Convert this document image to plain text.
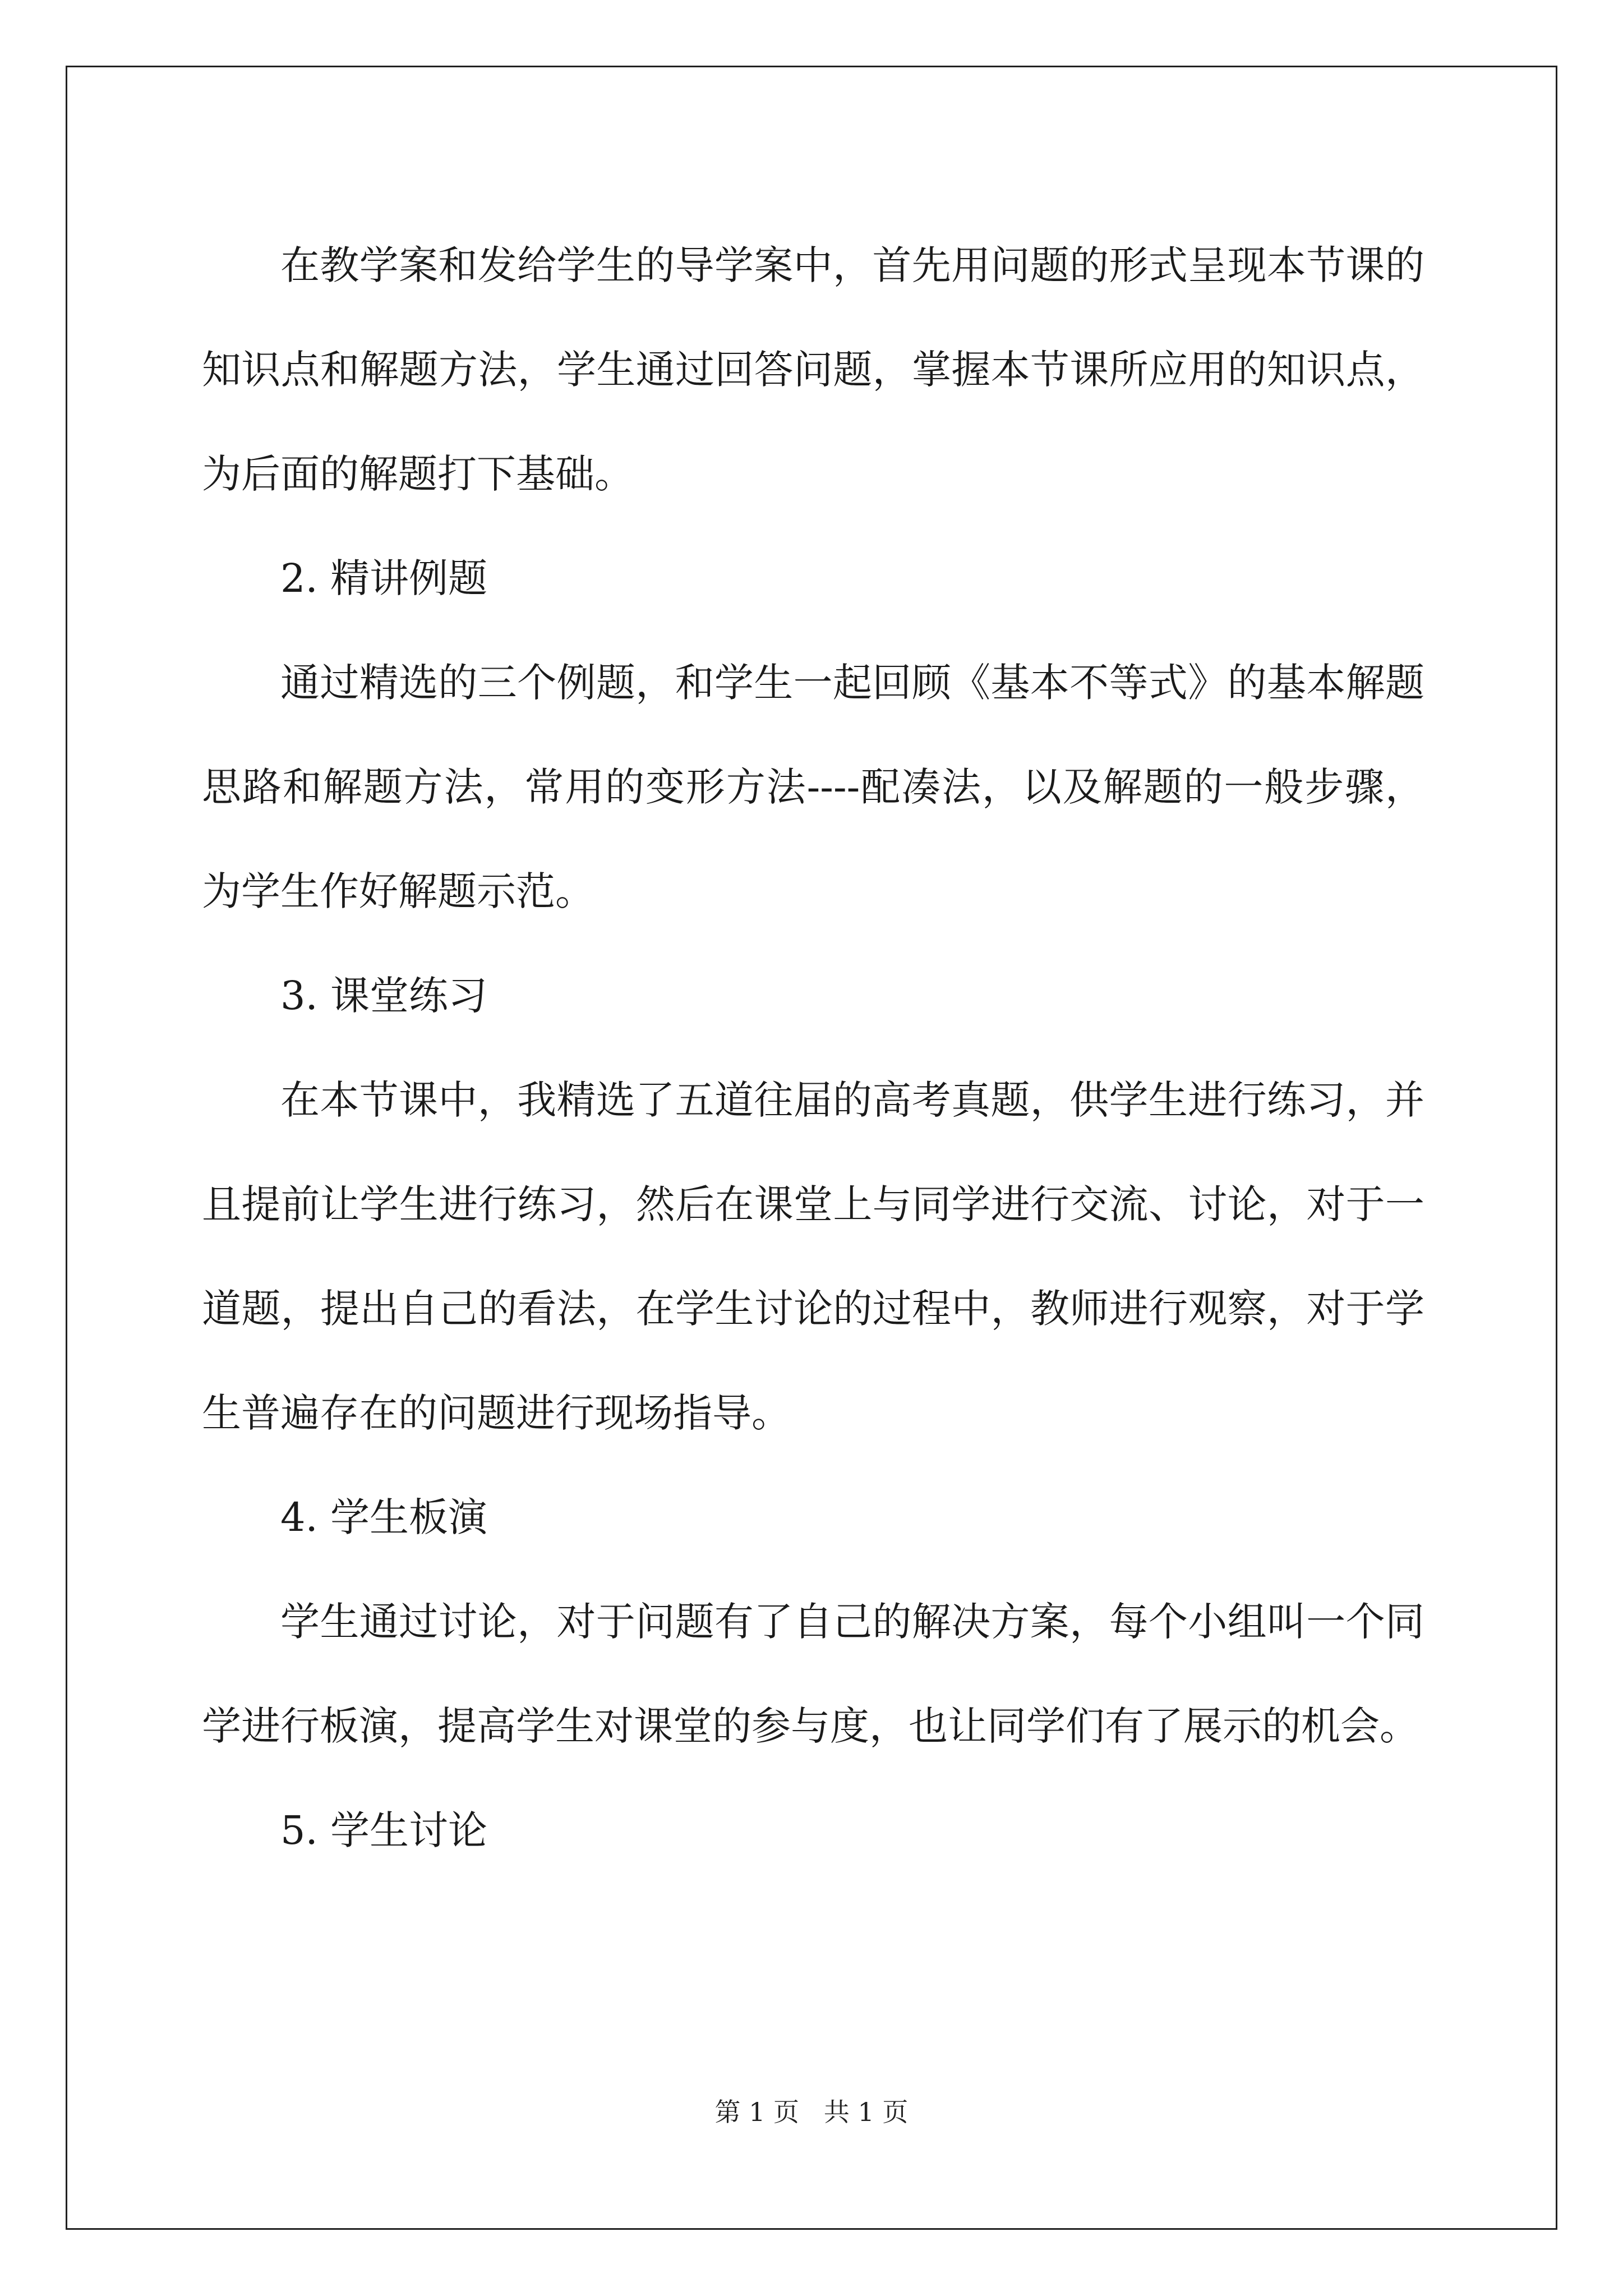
在教学案和发给学生的导学案中，首先用问题的形式呈现本节课的知识点和解题方法，学生通过回答问题，掌握本节课所应用的知识点，为后面的解题打下基础。

2. 精讲例题

通过精选的三个例题，和学生一起回顾《基本不等式》的基本解题思路和解题方法，常用的变形方法----配凑法，以及解题的一般步骤，为学生作好解题示范。

3. 课堂练习

在本节课中，我精选了五道往届的高考真题，供学生进行练习，并且提前让学生进行练习，然后在课堂上与同学进行交流、讨论，对于一道题，提出自己的看法，在学生讨论的过程中，教师进行观察，对于学生普遍存在的问题进行现场指导。

4. 学生板演

学生通过讨论，对于问题有了自己的解决方案，每个小组叫一个同学进行板演，提高学生对课堂的参与度，也让同学们有了展示的机会。

5. 学生讨论

第 1 页   共 1 页
